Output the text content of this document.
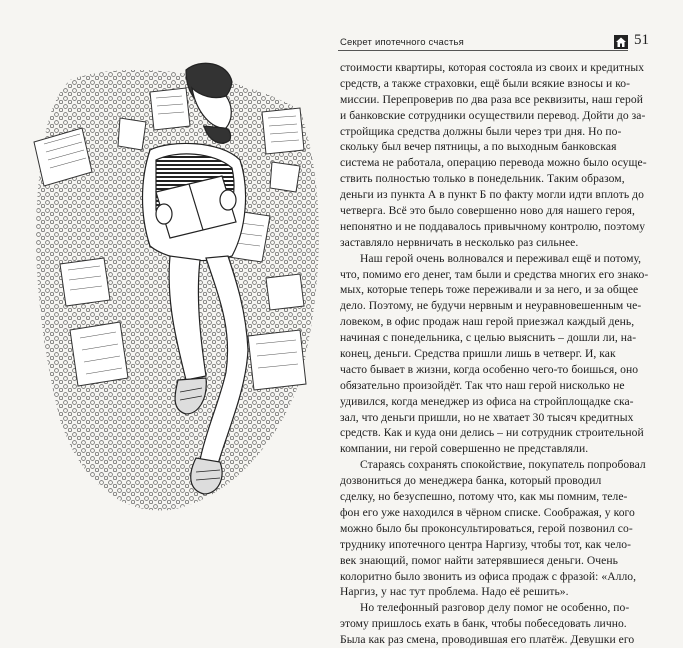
Секрет ипотечного счастья	51
стоимости квартиры, которая состояла из своих и кредитных
средств, а также страховки, ещё были всякие взносы и ко-
миссии. Перепроверив по два раза все реквизиты, наш герой
и банковские сотрудники осуществили перевод. Дойти до за-
стройщика средства должны были через три дня. Но по-
скольку был вечер пятницы, а по выходным банковская
система не работала, операцию перевода можно было осуще-
ствить полностью только в понедельник. Таким образом,
деньги из пункта А в пункт Б по факту могли идти вплоть до
четверга. Всё это было совершенно ново для нашего героя,
непонятно и не поддавалось привычному контролю, поэтому
заставляло нервничать в несколько раз сильнее.
Наш герой очень волновался и переживал ещё и потому,
что, помимо его денег, там были и средства многих его знако-
мых, которые теперь тоже переживали и за него, и за общее
дело. Поэтому, не будучи нервным и неуравновешенным че-
ловеком, в офис продаж наш герой приезжал каждый день,
начиная с понедельника, с целью выяснить – дошли ли, на-
конец, деньги. Средства пришли лишь в четверг. И, как
часто бывает в жизни, когда особенно чего-то боишься, оно
обязательно произойдёт. Так что наш герой нисколько не
удивился, когда менеджер из офиса на стройплощадке ска-
зал, что деньги пришли, но не хватает 30 тысяч кредитных
средств. Как и куда они делись – ни сотрудник строительной
компании, ни герой совершенно не представляли.
Стараясь сохранять спокойствие, покупатель попробовал
дозвониться до менеджера банка, который проводил
сделку, но безуспешно, потому что, как мы помним, теле-
фон его уже находился в чёрном списке. Соображая, у кого
можно было бы проконсультироваться, герой позвонил со-
труднику ипотечного центра Наргизу, чтобы тот, как чело-
век знающий, помог найти затерявшиеся деньги. Очень
колоритно было звонить из офиса продаж с фразой: «Алло,
Наргиз, у нас тут проблема. Надо её решить».
Но телефонный разговор делу помог не особенно, по-
этому пришлось ехать в банк, чтобы побеседовать лично.
Была как раз смена, проводившая его платёж. Девушки его
